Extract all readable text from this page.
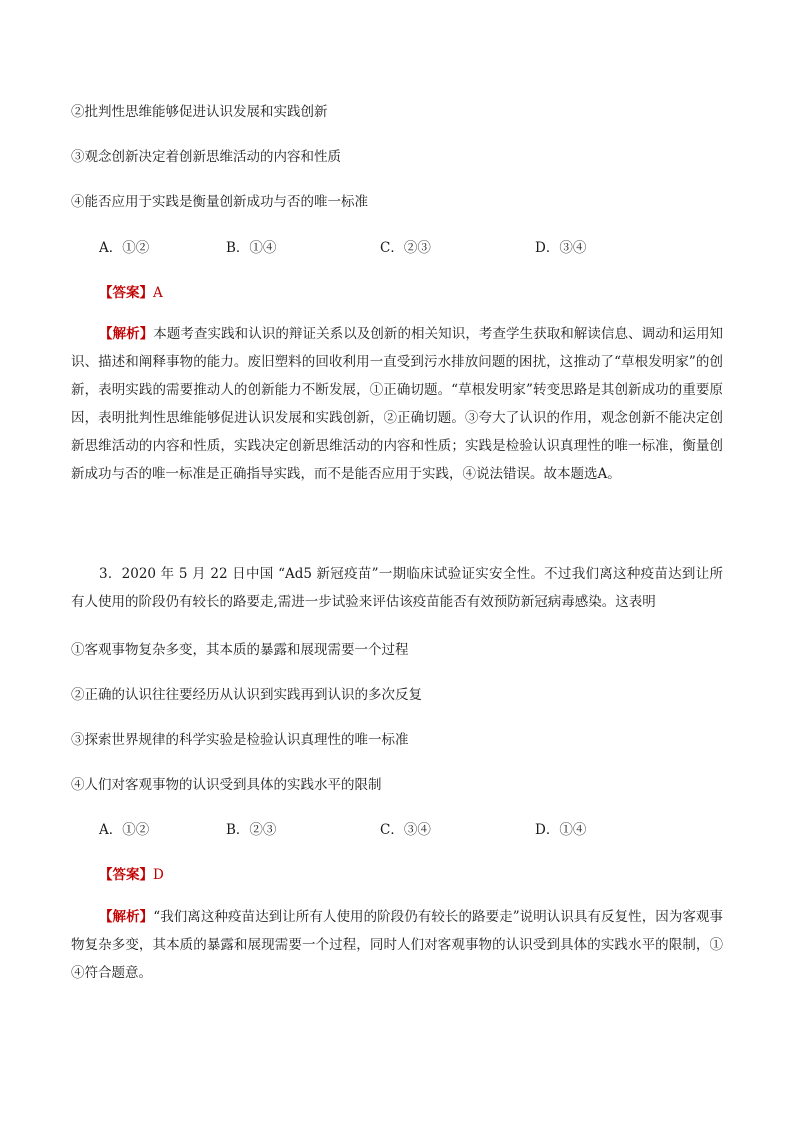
②批判性思维能够促进认识发展和实践创新
③观念创新决定着创新思维活动的内容和性质
④能否应用于实践是衡量创新成功与否的唯一标准
A．①②	B．①④	C．②③	D．③④
【答案】A
【解析】本题考查实践和认识的辩证关系以及创新的相关知识，考查学生获取和解读信息、调动和运用知识、描述和阐释事物的能力。废旧塑料的回收利用一直受到污水排放问题的困扰，这推动了“草根发明家”的创新，表明实践的需要推动人的创新能力不断发展，①正确切题。“草根发明家”转变思路是其创新成功的重要原因，表明批判性思维能够促进认识发展和实践创新，②正确切题。③夸大了认识的作用，观念创新不能决定创新思维活动的内容和性质，实践决定创新思维活动的内容和性质；实践是检验认识真理性的唯一标准，衡量创新成功与否的唯一标准是正确指导实践，而不是能否应用于实践，④说法错误。故本题选A。
3．2020 年 5 月 22 日中国 “Ad5 新冠疫苗”一期临床试验证实安全性。不过我们离这种疫苗达到让所有人使用的阶段仍有较长的路要走,需进一步试验来评估该疫苗能否有效预防新冠病毒感染。这表明
①客观事物复杂多变，其本质的暴露和展现需要一个过程
②正确的认识往往要经历从认识到实践再到认识的多次反复
③探索世界规律的科学实验是检验认识真理性的唯一标准
④人们对客观事物的认识受到具体的实践水平的限制
A．①②	B．②③	C．③④	D．①④
【答案】D
【解析】“我们离这种疫苗达到让所有人使用的阶段仍有较长的路要走”说明认识具有反复性，因为客观事物复杂多变，其本质的暴露和展现需要一个过程，同时人们对客观事物的认识受到具体的实践水平的限制，①④符合题意。
